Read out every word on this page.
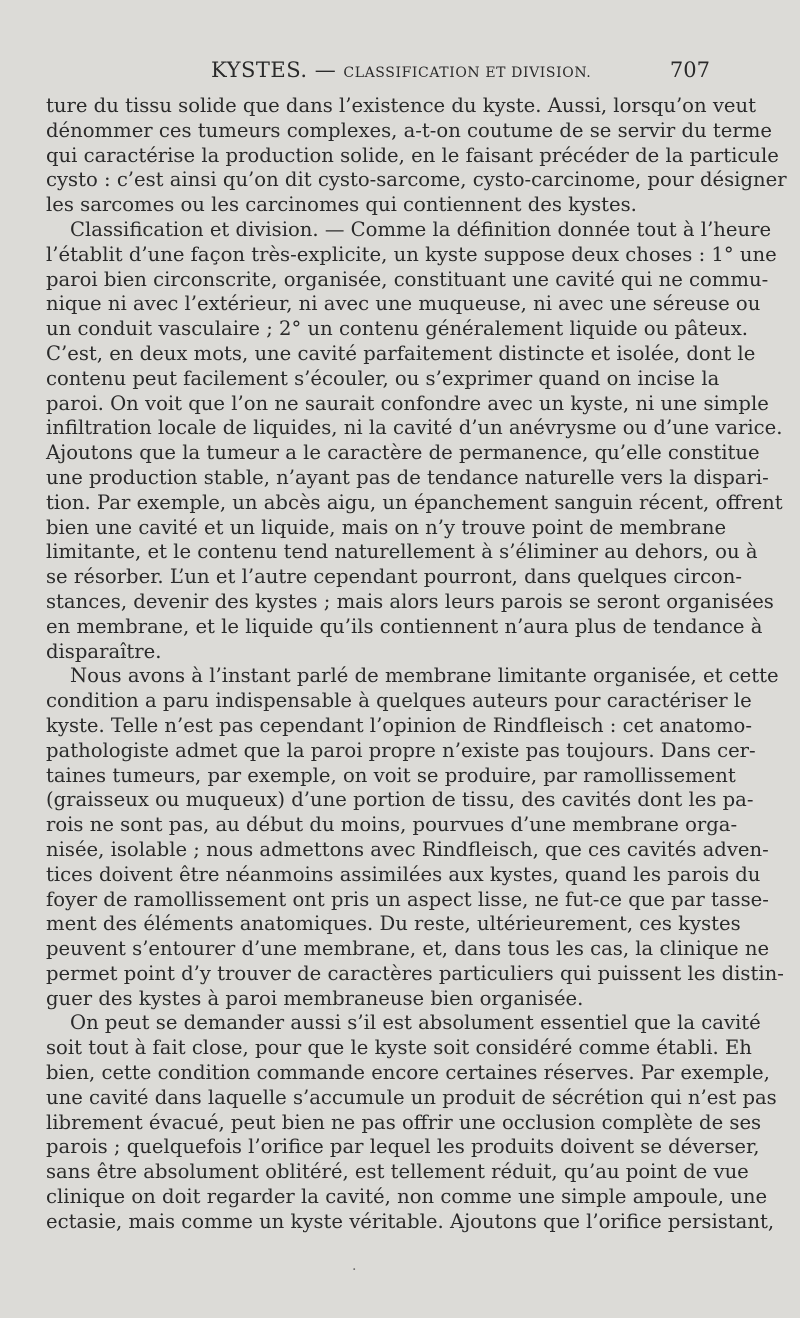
KYSTES. — CLASSIFICATION ET DIVISION.	707
ture du tissu solide que dans l’existence du kyste. Aussi, lorsqu’on veut
dénommer ces tumeurs complexes, a-t-on coutume de se servir du terme
qui caractérise la production solide, en le faisant précéder de la particule
cysto : c’est ainsi qu’on dit cysto-sarcome, cysto-carcinome, pour désigner
les sarcomes ou les carcinomes qui contiennent des kystes.
Classification et division. — Comme la définition donnée tout à l’heure
l’établit d’une façon très-explicite, un kyste suppose deux choses : 1° une
paroi bien circonscrite, organisée, constituant une cavité qui ne commu-
nique ni avec l’extérieur, ni avec une muqueuse, ni avec une séreuse ou
un conduit vasculaire ; 2° un contenu généralement liquide ou pâteux.
C’est, en deux mots, une cavité parfaitement distincte et isolée, dont le
contenu peut facilement s’écouler, ou s’exprimer quand on incise la
paroi. On voit que l’on ne saurait confondre avec un kyste, ni une simple
infiltration locale de liquides, ni la cavité d’un anévrysme ou d’une varice.
Ajoutons que la tumeur a le caractère de permanence, qu’elle constitue
une production stable, n’ayant pas de tendance naturelle vers la dispari-
tion. Par exemple, un abcès aigu, un épanchement sanguin récent, offrent
bien une cavité et un liquide, mais on n’y trouve point de membrane
limitante, et le contenu tend naturellement à s’éliminer au dehors, ou à
se résorber. L’un et l’autre cependant pourront, dans quelques circon-
stances, devenir des kystes ; mais alors leurs parois se seront organisées
en membrane, et le liquide qu’ils contiennent n’aura plus de tendance à
disparaître.
Nous avons à l’instant parlé de membrane limitante organisée, et cette
condition a paru indispensable à quelques auteurs pour caractériser le
kyste. Telle n’est pas cependant l’opinion de Rindfleisch : cet anatomo-
pathologiste admet que la paroi propre n’existe pas toujours. Dans cer-
taines tumeurs, par exemple, on voit se produire, par ramollissement
(graisseux ou muqueux) d’une portion de tissu, des cavités dont les pa-
rois ne sont pas, au début du moins, pourvues d’une membrane orga-
nisée, isolable ; nous admettons avec Rindfleisch, que ces cavités adven-
tices doivent être néanmoins assimilées aux kystes, quand les parois du
foyer de ramollissement ont pris un aspect lisse, ne fut-ce que par tasse-
ment des éléments anatomiques. Du reste, ultérieurement, ces kystes
peuvent s’entourer d’une membrane, et, dans tous les cas, la clinique ne
permet point d’y trouver de caractères particuliers qui puissent les distin-
guer des kystes à paroi membraneuse bien organisée.
On peut se demander aussi s’il est absolument essentiel que la cavité
soit tout à fait close, pour que le kyste soit considéré comme établi. Eh
bien, cette condition commande encore certaines réserves. Par exemple,
une cavité dans laquelle s’accumule un produit de sécrétion qui n’est pas
librement évacué, peut bien ne pas offrir une occlusion complète de ses
parois ; quelquefois l’orifice par lequel les produits doivent se déverser,
sans être absolument oblitéré, est tellement réduit, qu’au point de vue
clinique on doit regarder la cavité, non comme une simple ampoule, une
ectasie, mais comme un kyste véritable. Ajoutons que l’orifice persistant,
·
